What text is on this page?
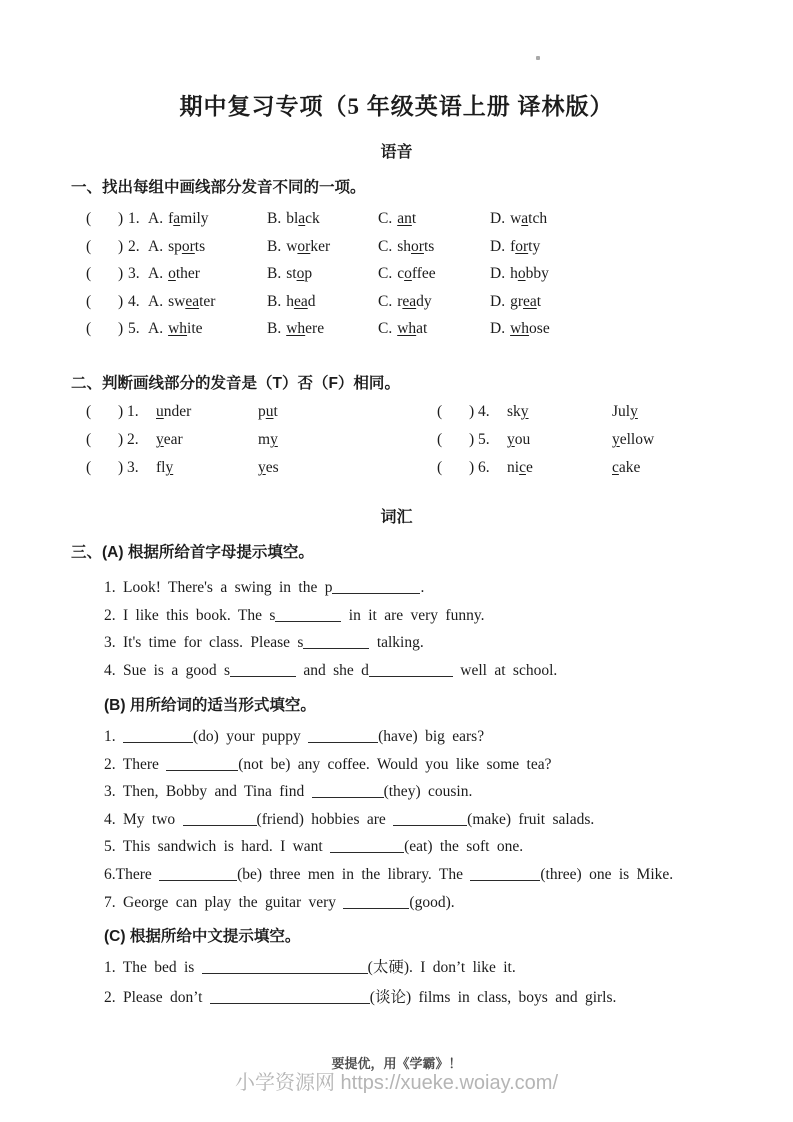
期中复习专项（5 年级英语上册 译林版）
语音
一、找出每组中画线部分发音不同的一项。
( ) 1. A. family	B. black	C. ant	D. watch
( ) 2. A. sports	B. worker	C. shorts	D. forty
( ) 3. A. other	B. stop	C. coffee	D. hobby
( ) 4. A. sweater	B. head	C. ready	D. great
( ) 5. A. white	B. where	C. what	D. whose
二、判断画线部分的发音是（T）否（F）相同。
( ) 1. under	put	( ) 4. sky	July
( ) 2. year	my	( ) 5. you	yellow
( ) 3. fly	yes	( ) 6. nice	cake
词汇
三、(A) 根据所给首字母提示填空。
1. Look! There's a swing in the p	.
2. I like this book. The s	in it are very funny.
3. It's time for class. Please s	talking.
4. Sue is a good s	and she d	well at school.
(B) 用所给词的适当形式填空。
1.	(do) your puppy	(have) big ears?
2. There	(not be) any coffee. Would you like some tea?
3. Then, Bobby and Tina find	(they) cousin.
4. My two	(friend) hobbies are	(make) fruit salads.
5. This sandwich is hard. I want	(eat) the soft one.
6.There	(be) three men in the library. The	(three) one is Mike.
7. George can play the guitar very	(good).
(C) 根据所给中文提示填空。
1. The bed is	(太硬). I don’t like it.
2. Please don’t	(谈论) films in class, boys and girls.
要提优，用《学霸》！
小学资源网 https://xueke.woiay.com/
